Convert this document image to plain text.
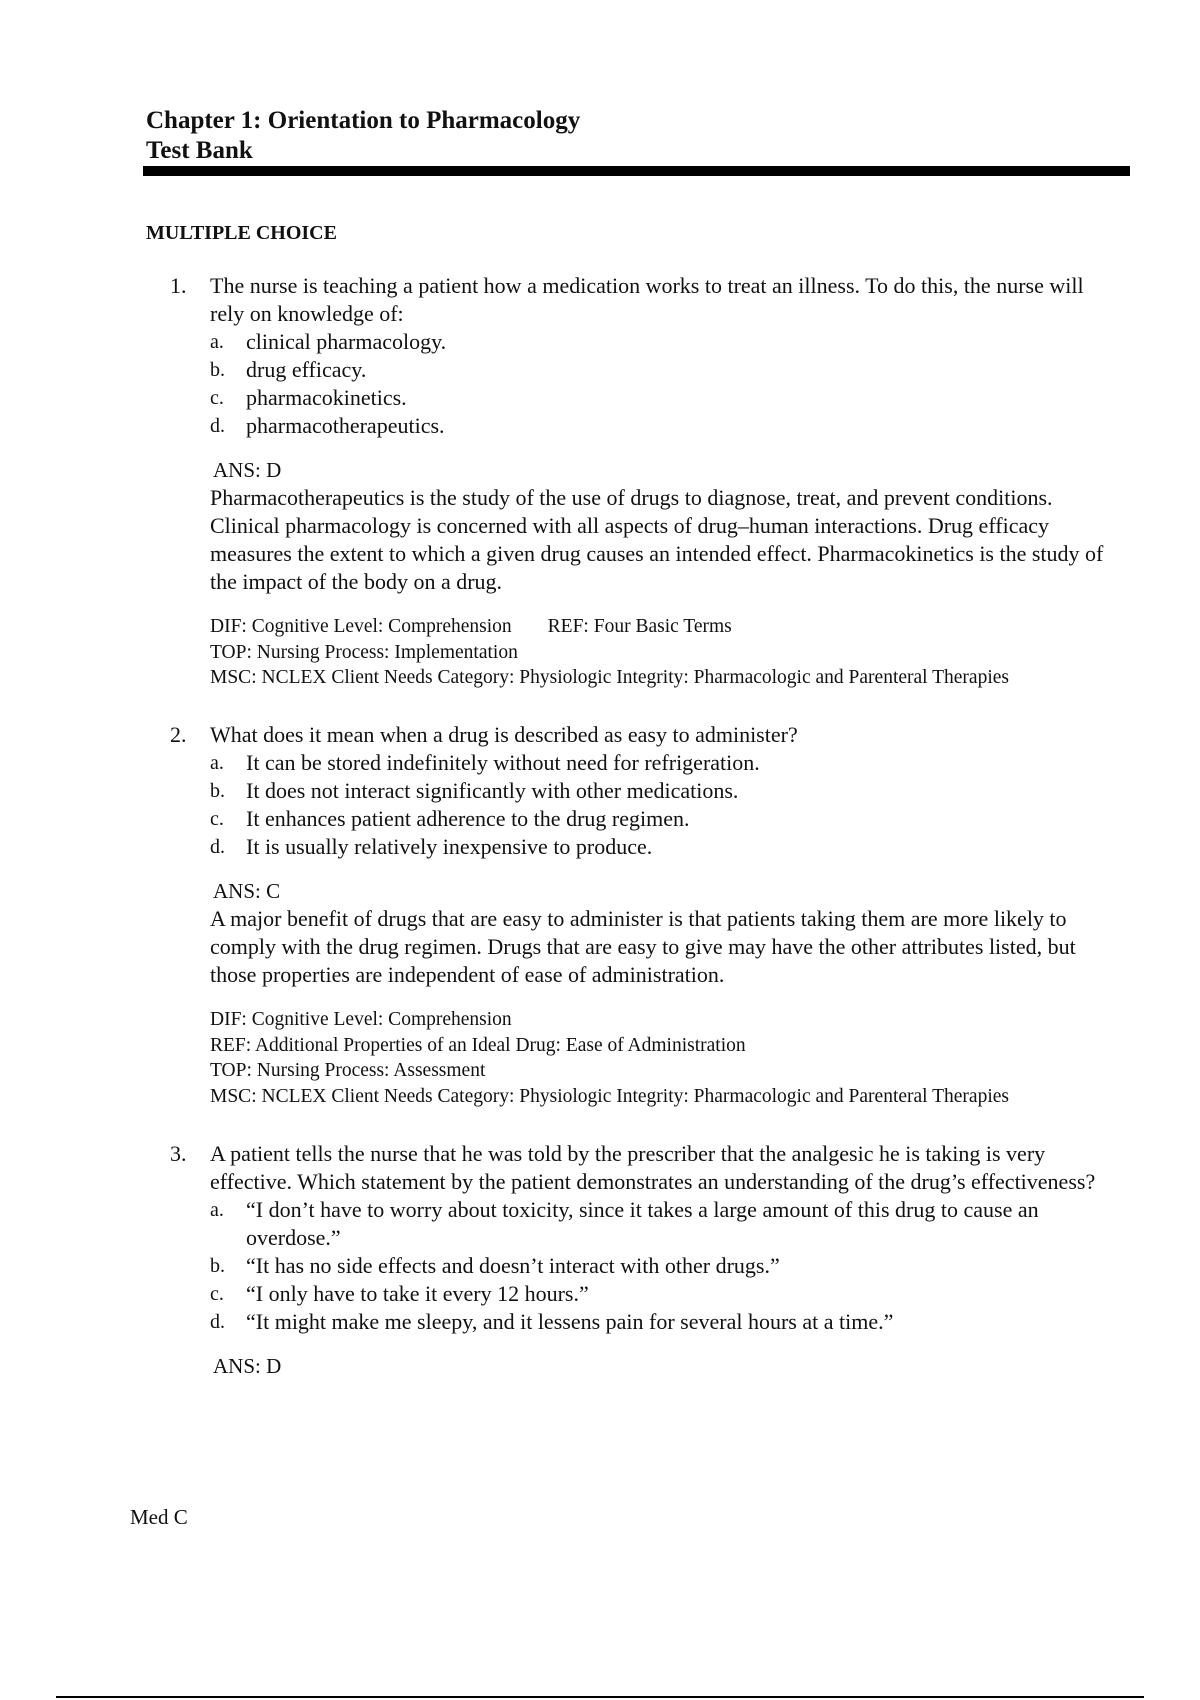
Chapter 1: Orientation to Pharmacology

Test Bank

MULTIPLE CHOICE

1. The nurse is teaching a patient how a medication works to treat an illness. To do this, the nurse will rely on knowledge of:
a. clinical pharmacology.
b. drug efficacy.
c. pharmacokinetics.
d. pharmacotherapeutics.
ANS: D
Pharmacotherapeutics is the study of the use of drugs to diagnose, treat, and prevent conditions. Clinical pharmacology is concerned with all aspects of drug–human interactions. Drug efficacy measures the extent to which a given drug causes an intended effect. Pharmacokinetics is the study of the impact of the body on a drug.
DIF: Cognitive Level: Comprehension REF: Four Basic Terms
TOP: Nursing Process: Implementation
MSC: NCLEX Client Needs Category: Physiologic Integrity: Pharmacologic and Parenteral Therapies
2. What does it mean when a drug is described as easy to administer?
a. It can be stored indefinitely without need for refrigeration.
b. It does not interact significantly with other medications.
c. It enhances patient adherence to the drug regimen.
d. It is usually relatively inexpensive to produce.
ANS: C
A major benefit of drugs that are easy to administer is that patients taking them are more likely to comply with the drug regimen. Drugs that are easy to give may have the other attributes listed, but those properties are independent of ease of administration.
DIF: Cognitive Level: Comprehension
REF: Additional Properties of an Ideal Drug: Ease of Administration
TOP: Nursing Process: Assessment
MSC: NCLEX Client Needs Category: Physiologic Integrity: Pharmacologic and Parenteral Therapies
3. A patient tells the nurse that he was told by the prescriber that the analgesic he is taking is very effective. Which statement by the patient demonstrates an understanding of the drug’s effectiveness?
a. “I don’t have to worry about toxicity, since it takes a large amount of this drug to cause an overdose.”
b. “It has no side effects and doesn’t interact with other drugs.”
c. “I only have to take it every 12 hours.”
d. “It might make me sleepy, and it lessens pain for several hours at a time.”
ANS: D
Med C
